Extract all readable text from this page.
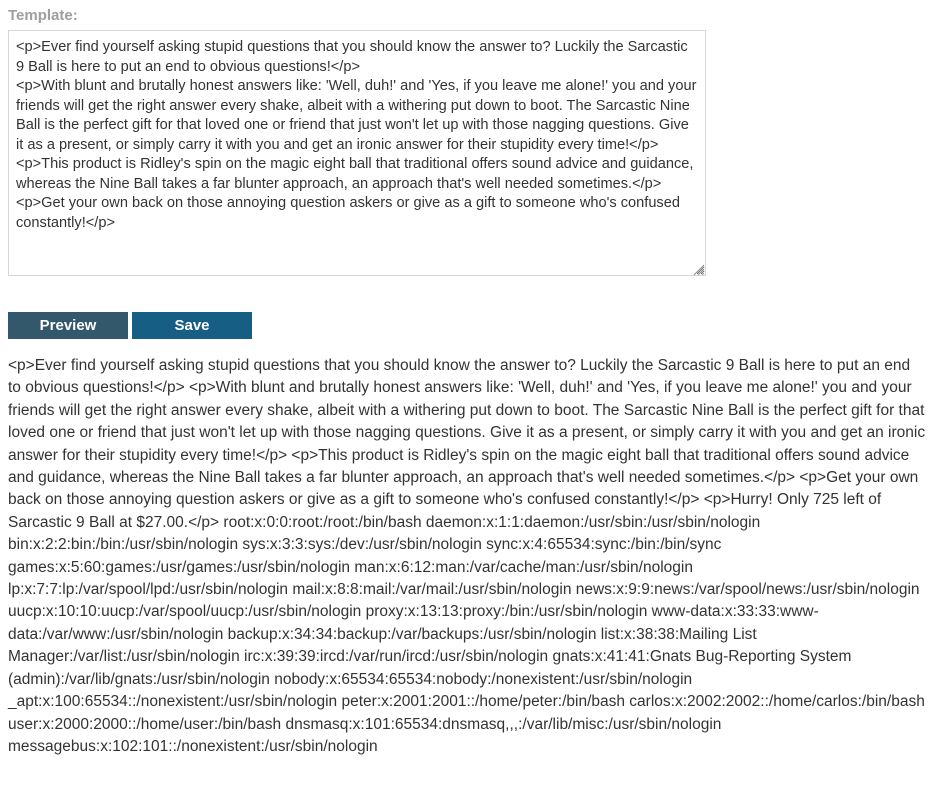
Template:
<p>Ever find yourself asking stupid questions that you should know the answer to? Luckily the Sarcastic 9 Ball is here to put an end to obvious questions!</p> <p>With blunt and brutally honest answers like: 'Well, duh!' and 'Yes, if you leave me alone!' you and your friends will get the right answer every shake, albeit with a withering put down to boot. The Sarcastic Nine Ball is the perfect gift for that loved one or friend that just won't let up with those nagging questions. Give it as a present, or simply carry it with you and get an ironic answer for their stupidity every time!</p> <p>This product is Ridley's spin on the magic eight ball that traditional offers sound advice and guidance, whereas the Nine Ball takes a far blunter approach, an approach that's well needed sometimes.</p> <p>Get your own back on those annoying question askers or give as a gift to someone who's confused constantly!</p>
Preview	Save
<p>Ever find yourself asking stupid questions that you should know the answer to? Luckily the Sarcastic 9 Ball is here to put an end to obvious questions!</p> <p>With blunt and brutally honest answers like: 'Well, duh!' and 'Yes, if you leave me alone!' you and your friends will get the right answer every shake, albeit with a withering put down to boot. The Sarcastic Nine Ball is the perfect gift for that loved one or friend that just won't let up with those nagging questions. Give it as a present, or simply carry it with you and get an ironic answer for their stupidity every time!</p> <p>This product is Ridley's spin on the magic eight ball that traditional offers sound advice and guidance, whereas the Nine Ball takes a far blunter approach, an approach that's well needed sometimes.</p> <p>Get your own back on those annoying question askers or give as a gift to someone who's confused constantly!</p> <p>Hurry! Only 725 left of Sarcastic 9 Ball at $27.00.</p> root:x:0:0:root:/root:/bin/bash daemon:x:1:1:daemon:/usr/sbin:/usr/sbin/nologin bin:x:2:2:bin:/bin:/usr/sbin/nologin sys:x:3:3:sys:/dev:/usr/sbin/nologin sync:x:4:65534:sync:/bin:/bin/sync games:x:5:60:games:/usr/games:/usr/sbin/nologin man:x:6:12:man:/var/cache/man:/usr/sbin/nologin lp:x:7:7:lp:/var/spool/lpd:/usr/sbin/nologin mail:x:8:8:mail:/var/mail:/usr/sbin/nologin news:x:9:9:news:/var/spool/news:/usr/sbin/nologin uucp:x:10:10:uucp:/var/spool/uucp:/usr/sbin/nologin proxy:x:13:13:proxy:/bin:/usr/sbin/nologin www-data:x:33:33:www-data:/var/www:/usr/sbin/nologin backup:x:34:34:backup:/var/backups:/usr/sbin/nologin list:x:38:38:Mailing List Manager:/var/list:/usr/sbin/nologin irc:x:39:39:ircd:/var/run/ircd:/usr/sbin/nologin gnats:x:41:41:Gnats Bug-Reporting System (admin):/var/lib/gnats:/usr/sbin/nologin nobody:x:65534:65534:nobody:/nonexistent:/usr/sbin/nologin _apt:x:100:65534::/nonexistent:/usr/sbin/nologin peter:x:2001:2001::/home/peter:/bin/bash carlos:x:2002:2002::/home/carlos:/bin/bash user:x:2000:2000::/home/user:/bin/bash dnsmasq:x:101:65534:dnsmasq,,,:/var/lib/misc:/usr/sbin/nologin messagebus:x:102:101::/nonexistent:/usr/sbin/nologin
